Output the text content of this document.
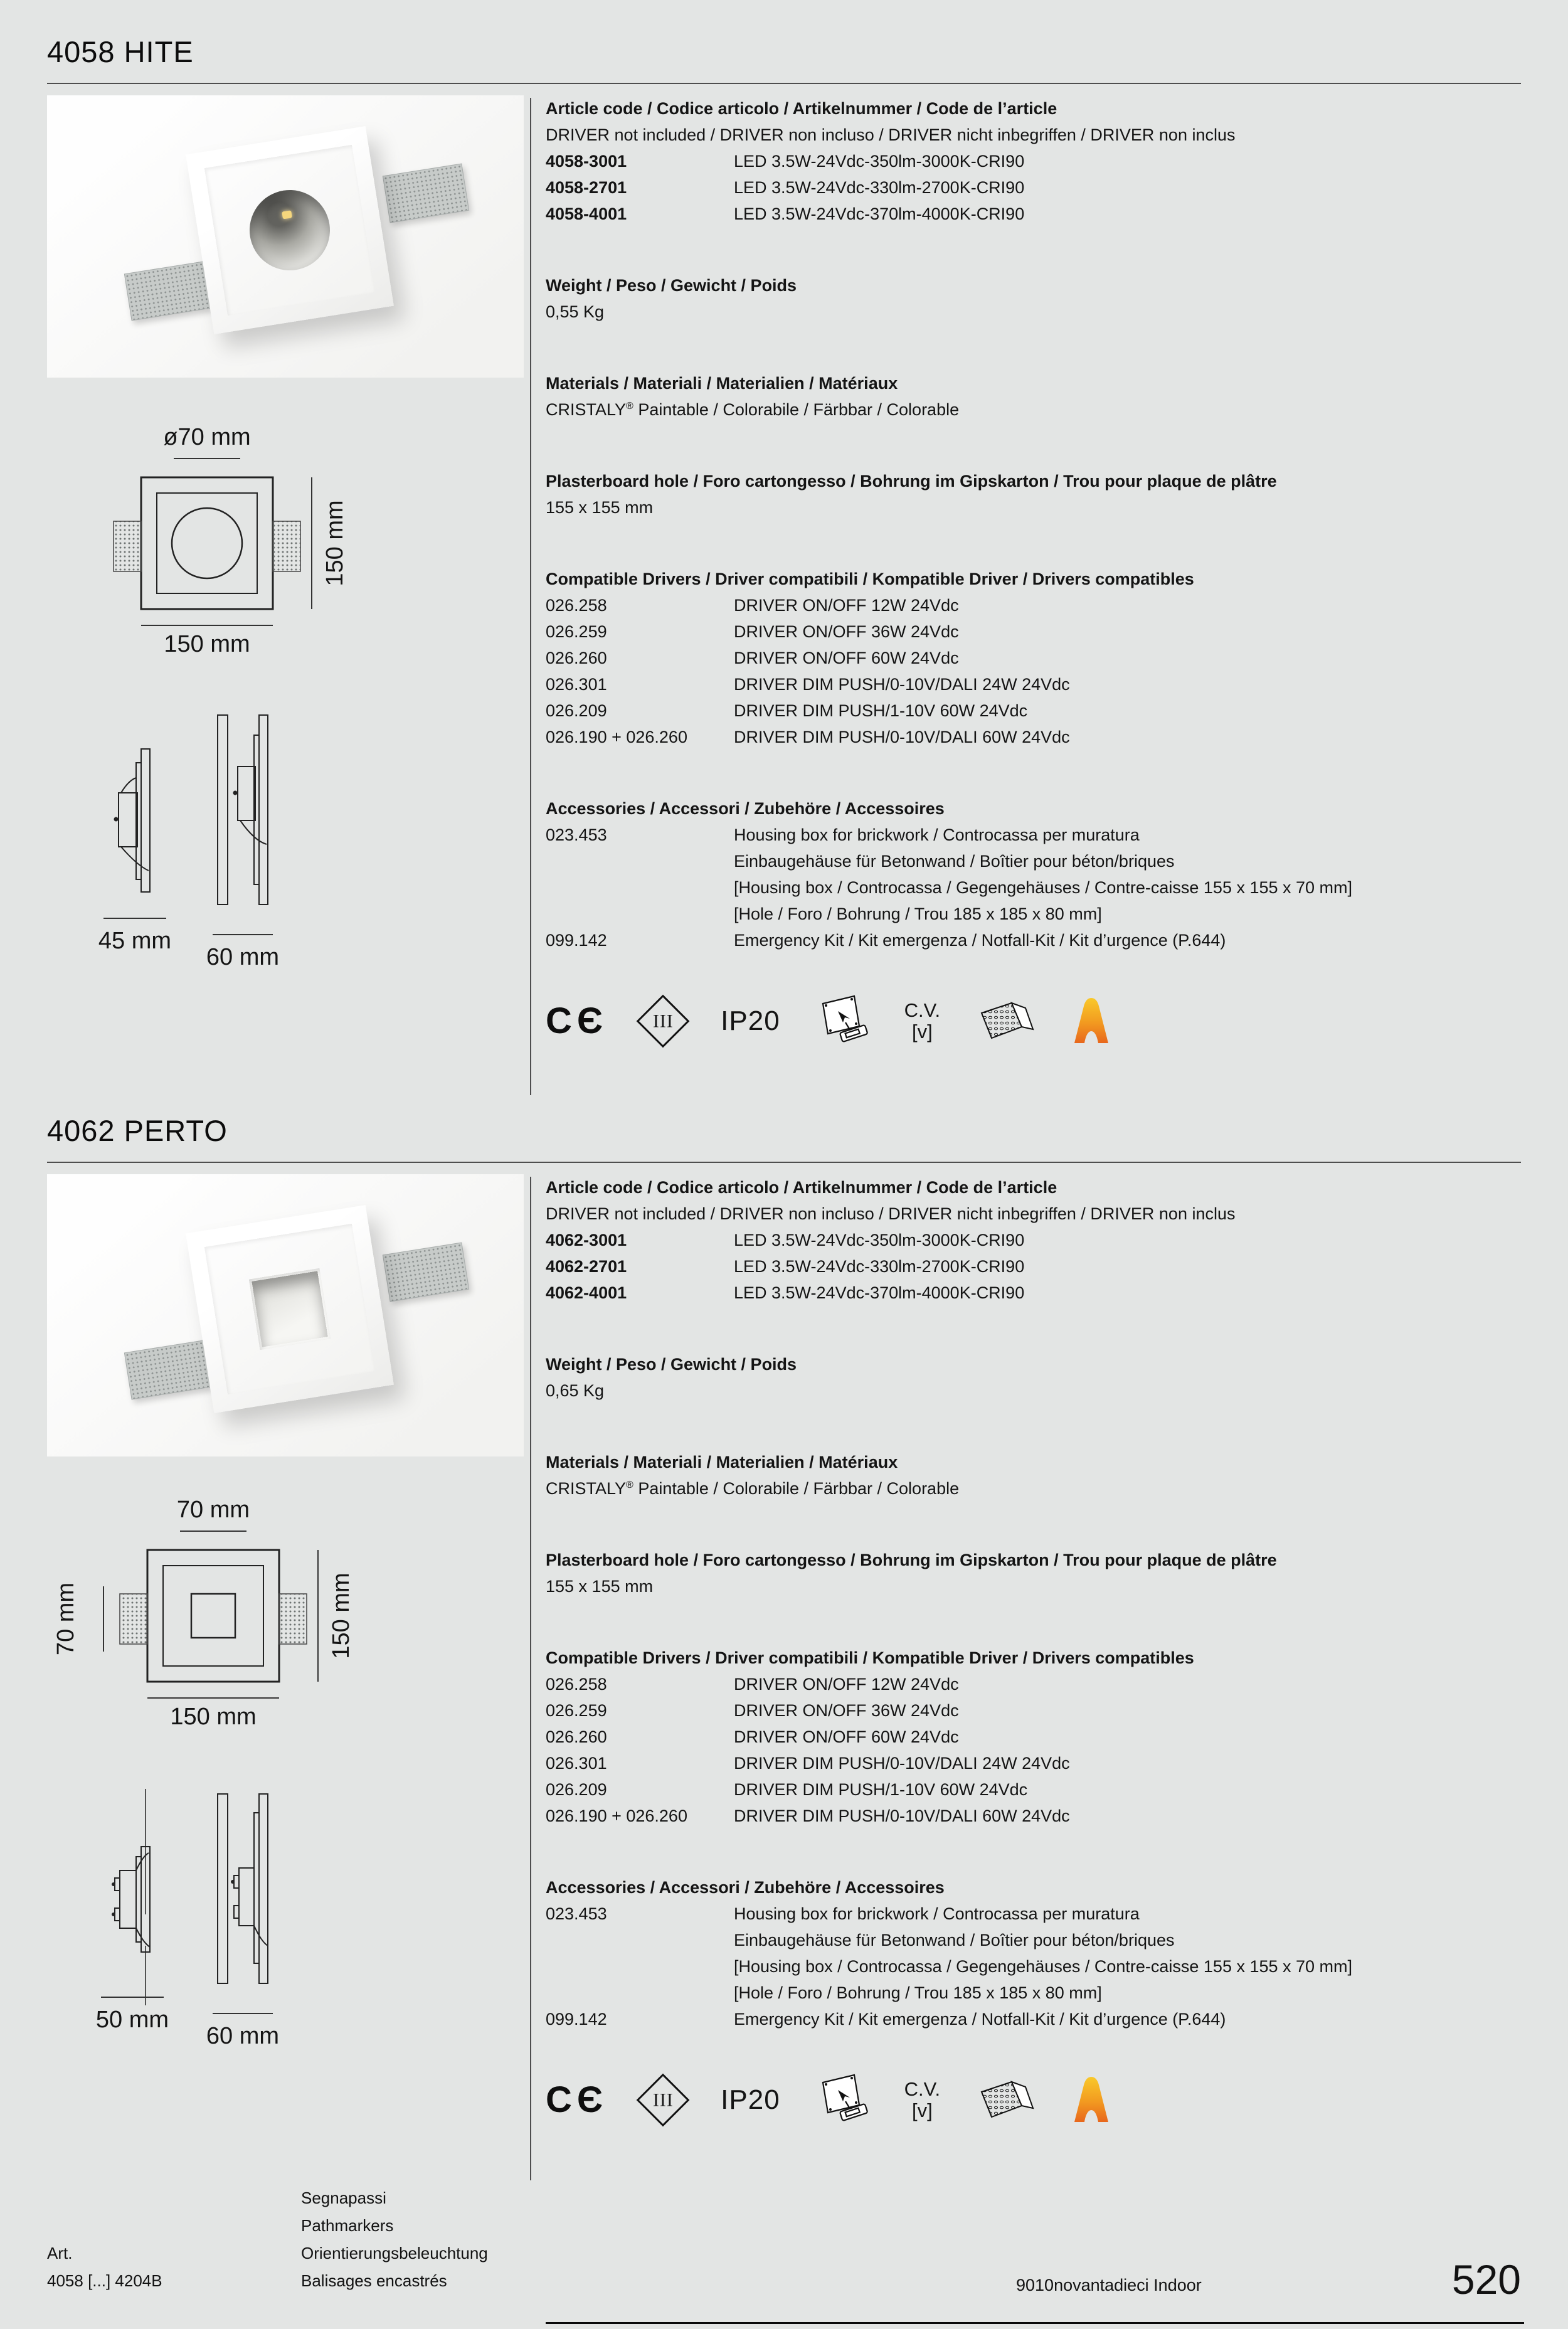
4058 HITE
ø70 mm
150 mm
150 mm
45 mm
60 mm

Article code / Codice articolo / Artikelnummer / Code de l’article

DRIVER not included / DRIVER non incluso / DRIVER nicht inbegriffen / DRIVER non inclus

4058-3001	LED 3.5W-24Vdc-350lm-3000K-CRI90
4058-2701	LED 3.5W-24Vdc-330lm-2700K-CRI90
4058-4001	LED 3.5W-24Vdc-370lm-4000K-CRI90

Weight / Peso / Gewicht / Poids

0,55 Kg

Materials / Materiali / Materialien / Matériaux

CRISTALY® Paintable / Colorabile / Färbbar / Colorable

Plasterboard hole / Foro cartongesso / Bohrung im Gipskarton / Trou pour plaque de plâtre

155 x 155 mm

Compatible Drivers / Driver compatibili / Kompatible Driver / Drivers compatibles

026.258	DRIVER ON/OFF 12W 24Vdc
026.259	DRIVER ON/OFF 36W 24Vdc
026.260	DRIVER ON/OFF 60W 24Vdc
026.301	DRIVER DIM PUSH/0-10V/DALI 24W 24Vdc
026.209	DRIVER DIM PUSH/1-10V 60W 24Vdc
026.190 + 026.260	DRIVER DIM PUSH/0-10V/DALI 60W 24Vdc

Accessories / Accessori / Zubehöre / Accessoires

023.453	Housing box for brickwork / Controcassa per muratura

Einbaugehäuse für Betonwand / Boîtier pour béton/briques

[Housing box / Controcassa / Gegengehäuses / Contre-caisse 155 x 155 x 70 mm]

[Hole / Foro / Bohrung / Trou 185 x 185 x 80 mm]

099.142	Emergency Kit / Kit emergenza / Notfall-Kit / Kit d’urgence (P.644)
CЄ III IP20	C.V.
[v]
4062 PERTO
70 mm
70 mm	150 mm
150 mm
50 mm
60 mm

Article code / Codice articolo / Artikelnummer / Code de l’article

DRIVER not included / DRIVER non incluso / DRIVER nicht inbegriffen / DRIVER non inclus

4062-3001	LED 3.5W-24Vdc-350lm-3000K-CRI90
4062-2701	LED 3.5W-24Vdc-330lm-2700K-CRI90
4062-4001	LED 3.5W-24Vdc-370lm-4000K-CRI90

Weight / Peso / Gewicht / Poids

0,65 Kg

Materials / Materiali / Materialien / Matériaux

CRISTALY® Paintable / Colorabile / Färbbar / Colorable

Plasterboard hole / Foro cartongesso / Bohrung im Gipskarton / Trou pour plaque de plâtre

155 x 155 mm

Compatible Drivers / Driver compatibili / Kompatible Driver / Drivers compatibles

026.258	DRIVER ON/OFF 12W 24Vdc
026.259	DRIVER ON/OFF 36W 24Vdc
026.260	DRIVER ON/OFF 60W 24Vdc
026.301	DRIVER DIM PUSH/0-10V/DALI 24W 24Vdc
026.209	DRIVER DIM PUSH/1-10V 60W 24Vdc
026.190 + 026.260	DRIVER DIM PUSH/0-10V/DALI 60W 24Vdc

Accessories / Accessori / Zubehöre / Accessoires

023.453	Housing box for brickwork / Controcassa per muratura

Einbaugehäuse für Betonwand / Boîtier pour béton/briques

[Housing box / Controcassa / Gegengehäuses / Contre-caisse 155 x 155 x 70 mm]

[Hole / Foro / Bohrung / Trou 185 x 185 x 80 mm]

099.142	Emergency Kit / Kit emergenza / Notfall-Kit / Kit d’urgence (P.644)
CЄ III IP20	C.V.
[v]

Art.

4058 [...] 4204B

Segnapassi

Pathmarkers

Orientierungsbeleuchtung

Balisages encastrés	9010novantadieci Indoor	520
